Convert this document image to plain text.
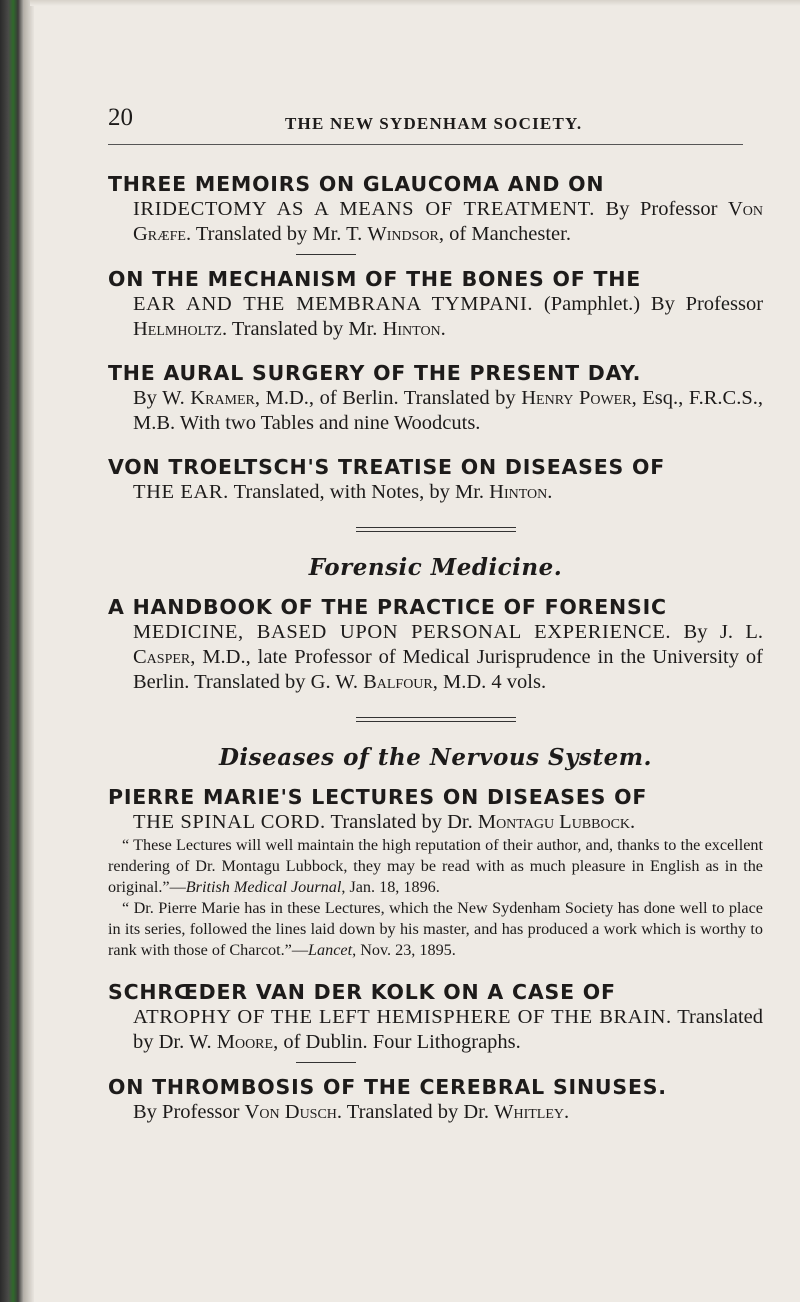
20	THE NEW SYDENHAM SOCIETY.

THREE MEMOIRS ON GLAUCOMA AND ON

IRIDECTOMY AS A MEANS OF TREATMENT. By Professor Von Græfe. Translated by Mr. T. Windsor, of Manchester.

ON THE MECHANISM OF THE BONES OF THE

EAR AND THE MEMBRANA TYMPANI. (Pamphlet.) By Professor Helmholtz. Translated by Mr. Hinton.

THE AURAL SURGERY OF THE PRESENT DAY.

By W. Kramer, M.D., of Berlin. Translated by Henry Power, Esq., F.R.C.S., M.B. With two Tables and nine Woodcuts.

VON TROELTSCH'S TREATISE ON DISEASES OF

THE EAR. Translated, with Notes, by Mr. Hinton.

Forensic Medicine.

A HANDBOOK OF THE PRACTICE OF FORENSIC

MEDICINE, BASED UPON PERSONAL EXPERIENCE. By J. L. Casper, M.D., late Professor of Medical Jurisprudence in the University of Berlin. Translated by G. W. Balfour, M.D. 4 vols.

Diseases of the Nervous System.

PIERRE MARIE'S LECTURES ON DISEASES OF

THE SPINAL CORD. Translated by Dr. Montagu Lubbock.

“ These Lectures will well maintain the high reputation of their author, and, thanks to the excellent rendering of Dr. Montagu Lubbock, they may be read with as much pleasure in English as in the original.”—British Medical Journal, Jan. 18, 1896.

“ Dr. Pierre Marie has in these Lectures, which the New Sydenham Society has done well to place in its series, followed the lines laid down by his master, and has produced a work which is worthy to rank with those of Charcot.”—Lancet, Nov. 23, 1895.

SCHRŒDER VAN DER KOLK ON A CASE OF

ATROPHY OF THE LEFT HEMISPHERE OF THE BRAIN. Translated by Dr. W. Moore, of Dublin. Four Lithographs.

ON THROMBOSIS OF THE CEREBRAL SINUSES.

By Professor Von Dusch. Translated by Dr. Whitley.
